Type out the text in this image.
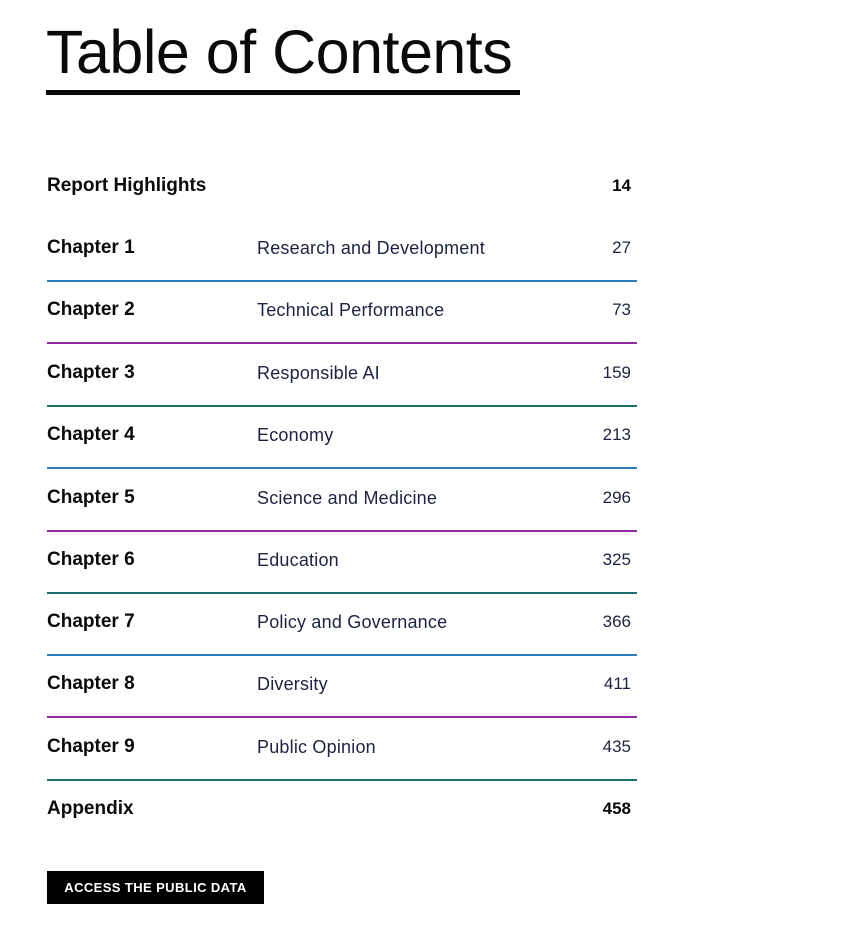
Table of Contents
Report Highlights	14
Chapter 1	Research and Development	27
Chapter 2	Technical Performance	73
Chapter 3	Responsible AI	159
Chapter 4	Economy	213
Chapter 5	Science and Medicine	296
Chapter 6	Education	325
Chapter 7	Policy and Governance	366
Chapter 8	Diversity	411
Chapter 9	Public Opinion	435
Appendix	458
ACCESS THE PUBLIC DATA
